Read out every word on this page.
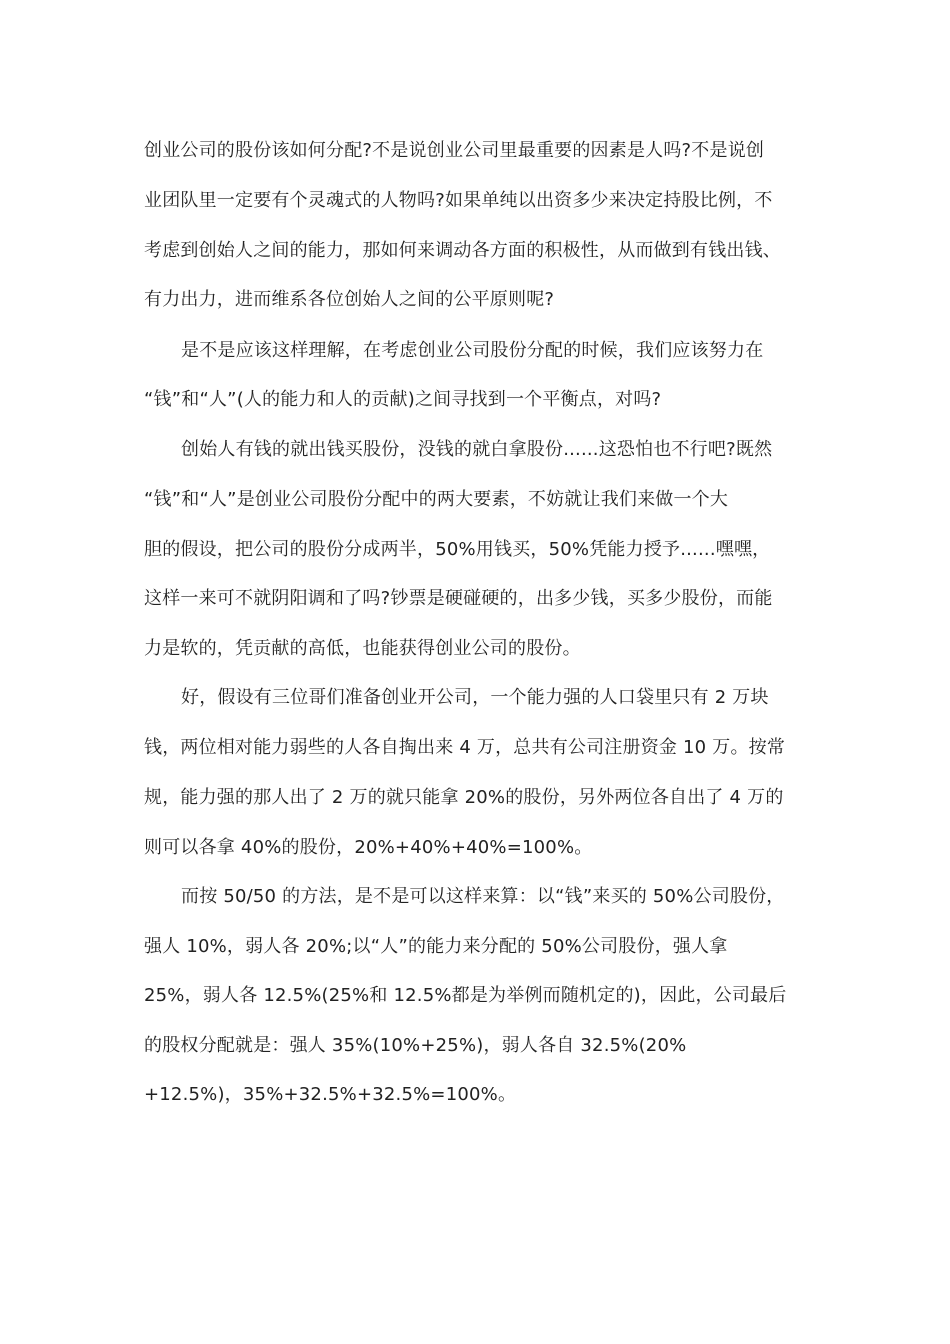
创业公司的股份该如何分配?不是说创业公司里最重要的因素是人吗?不是说创
业团队里一定要有个灵魂式的人物吗?如果单纯以出资多少来决定持股比例，不
考虑到创始人之间的能力，那如何来调动各方面的积极性，从而做到有钱出钱、
有力出力，进而维系各位创始人之间的公平原则呢?
是不是应该这样理解，在考虑创业公司股份分配的时候，我们应该努力在
“钱”和“人”(人的能力和人的贡献)之间寻找到一个平衡点，对吗?
创始人有钱的就出钱买股份，没钱的就白拿股份......这恐怕也不行吧?既然
“钱”和“人”是创业公司股份分配中的两大要素，不妨就让我们来做一个大
胆的假设，把公司的股份分成两半，50%用钱买，50%凭能力授予......嘿嘿，
这样一来可不就阴阳调和了吗?钞票是硬碰硬的，出多少钱，买多少股份，而能
力是软的，凭贡献的高低，也能获得创业公司的股份。
好，假设有三位哥们准备创业开公司，一个能力强的人口袋里只有 2 万块
钱，两位相对能力弱些的人各自掏出来 4 万，总共有公司注册资金 10 万。按常
规，能力强的那人出了 2 万的就只能拿 20%的股份，另外两位各自出了 4 万的
则可以各拿 40%的股份，20%+40%+40%=100%。
而按 50/50 的方法，是不是可以这样来算：以“钱”来买的 50%公司股份，
强人 10%，弱人各 20%;以“人”的能力来分配的 50%公司股份，强人拿
25%，弱人各 12.5%(25%和 12.5%都是为举例而随机定的)，因此，公司最后
的股权分配就是：强人 35%(10%+25%)，弱人各自 32.5%(20%
+12.5%)，35%+32.5%+32.5%=100%。
